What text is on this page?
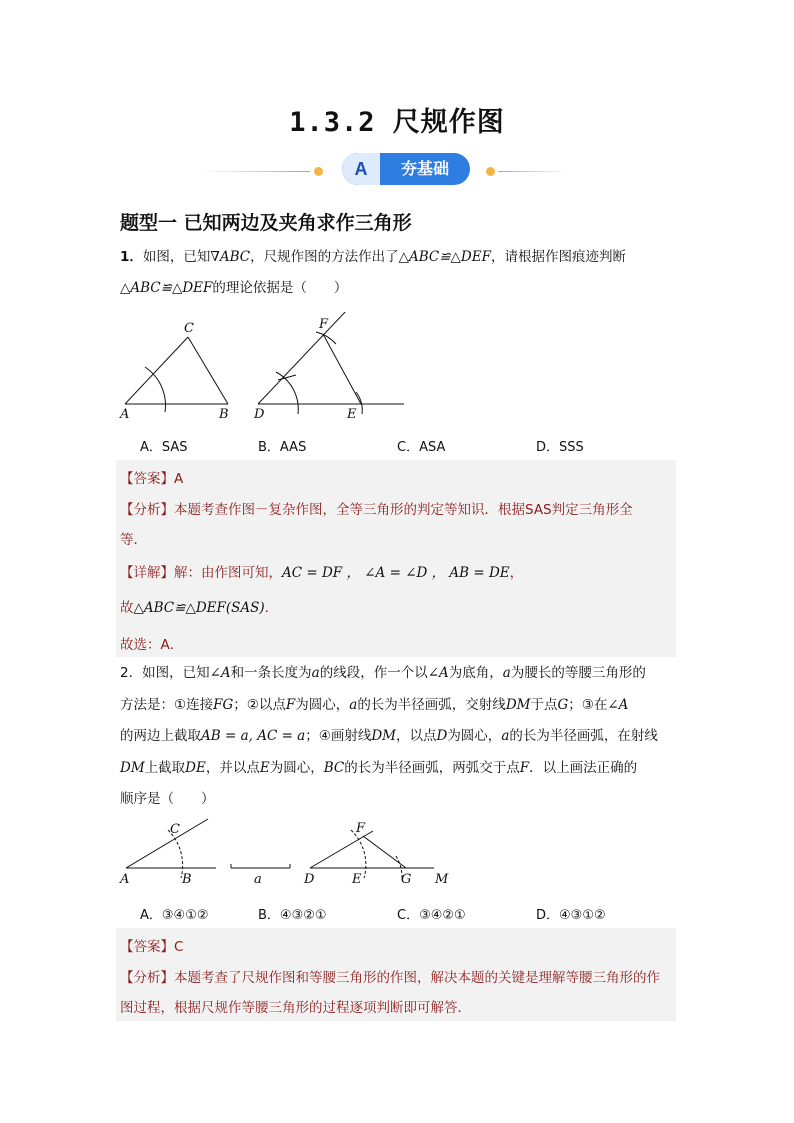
1.3.2 尺规作图
A	夯基础
题型一 已知两边及夹角求作三角形
1．如图，已知∇ABC，尺规作图的方法作出了△ABC≌△DEF，请根据作图痕迹判断
△ABC≌△DEF的理论依据是（　　）
A	B
C
D	E
F
A．SAS	B．AAS	C．ASA	D．SSS
【答案】A
【分析】本题考查作图－复杂作图，全等三角形的判定等知识．根据SAS判定三角形全
等．
【详解】解：由作图可知，AC = DF ， ∠A = ∠D ， AB = DE，
故△ABC≌△DEF(SAS)．
故选：A．
2．如图，已知∠A和一条长度为a的线段，作一个以∠A为底角，a为腰长的等腰三角形的
方法是：①连接FG；②以点F为圆心，a的长为半径画弧，交射线DM于点G；③在∠A
的两边上截取AB = a, AC = a；④画射线DM，以点D为圆心，a的长为半径画弧，在射线
DM上截取DE，并以点E为圆心，BC的长为半径画弧，两弧交于点F．以上画法正确的
顺序是（　　）
A	B
C
a	D	E
F
G M
A．③④①②	B．④③②①	C．③④②①	D．④③①②
【答案】C
【分析】本题考查了尺规作图和等腰三角形的作图，解决本题的关键是理解等腰三角形的作
图过程，根据尺规作等腰三角形的过程逐项判断即可解答．
